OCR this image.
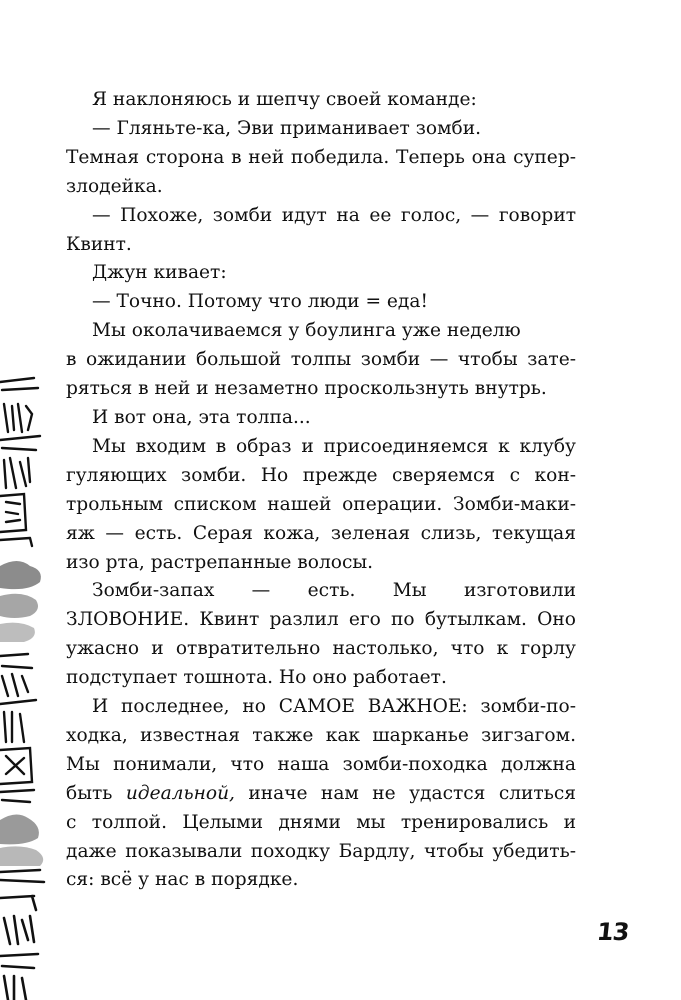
Я наклоняюсь и шепчу своей команде:
— Гляньте-ка, Эви приманивает зомби.
Темная сторона в ней победила. Теперь она супер-
злодейка.
— Похоже, зомби идут на ее голос, — говорит
Квинт.
Джун кивает:
— Точно. Потому что люди = еда!
Мы околачиваемся у боулинга уже неделю
в ожидании большой толпы зомби — чтобы зате-
ряться в ней и незаметно проскользнуть внутрь.
И вот она, эта толпа...
Мы входим в образ и присоединяемся к клубу
гуляющих зомби. Но прежде сверяемся с кон-
трольным списком нашей операции. Зомби-маки-
яж — есть. Серая кожа, зеленая слизь, текущая
изо рта, растрепанные волосы.
Зомби-запах — есть. Мы изготовили
ЗЛОВОНИЕ. Квинт разлил его по бутылкам. Оно
ужасно и отвратительно настолько, что к горлу
подступает тошнота. Но оно работает.
И последнее, но САМОЕ ВАЖНОЕ: зомби-по-
ходка, известная также как шарканье зигзагом.
Мы понимали, что наша зомби-походка должна
быть идеальной, иначе нам не удастся слиться
с толпой. Целыми днями мы тренировались и
даже показывали походку Бардлу, чтобы убедить-
ся: всё у нас в порядке.
13
